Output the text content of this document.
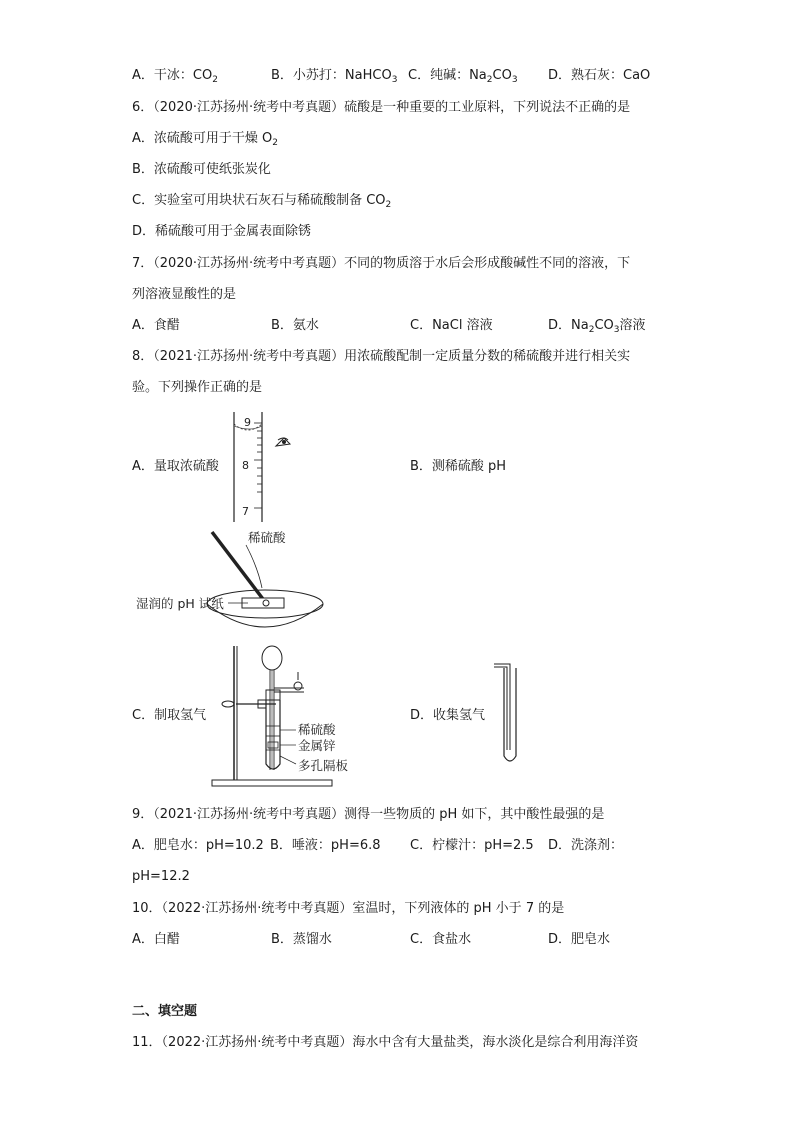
A．干冰：$CO_2$	B．小苏打：NaHCO$_3$ C．纯碱：$Na_2CO_3$ D．熟石灰：CaO
6．（2020·江苏扬州·统考中考真题）硫酸是一种重要的工业原料，下列说法不正确的是
A．浓硫酸可用于干燥 $O_2$
B．浓硫酸可使纸张炭化
C．实验室可用块状石灰石与稀硫酸制备 $CO_2$
D．稀硫酸可用于金属表面除锈
7．（2020·江苏扬州·统考中考真题）不同的物质溶于水后会形成酸碱性不同的溶液，下
列溶液显酸性的是
A．食醋	B．氨水	C．NaCl 溶液	D．$Na_2CO_3$溶液
8．（2021·江苏扬州·统考中考真题）用浓硫酸配制一定质量分数的稀硫酸并进行相关实
验。下列操作正确的是
A．量取浓硫酸	B．测稀硫酸 pH
9
8
7
稀硫酸
湿润的 pH 试纸
稀硫酸
金属锌
多孔隔板
C．制取氢气	D．收集氢气
9．（2021·江苏扬州·统考中考真题）测得一些物质的 pH 如下，其中酸性最强的是
A．肥皂水：pH=10.2 B．唾液：pH=6.8 C．柠檬汁：pH=2.5 D．洗涤剂：
pH=12.2
10．（2022·江苏扬州·统考中考真题）室温时，下列液体的 pH 小于 7 的是
A．白醋	B．蒸馏水	C．食盐水	D．肥皂水
二、填空题
11．（2022·江苏扬州·统考中考真题）海水中含有大量盐类，海水淡化是综合利用海洋资
